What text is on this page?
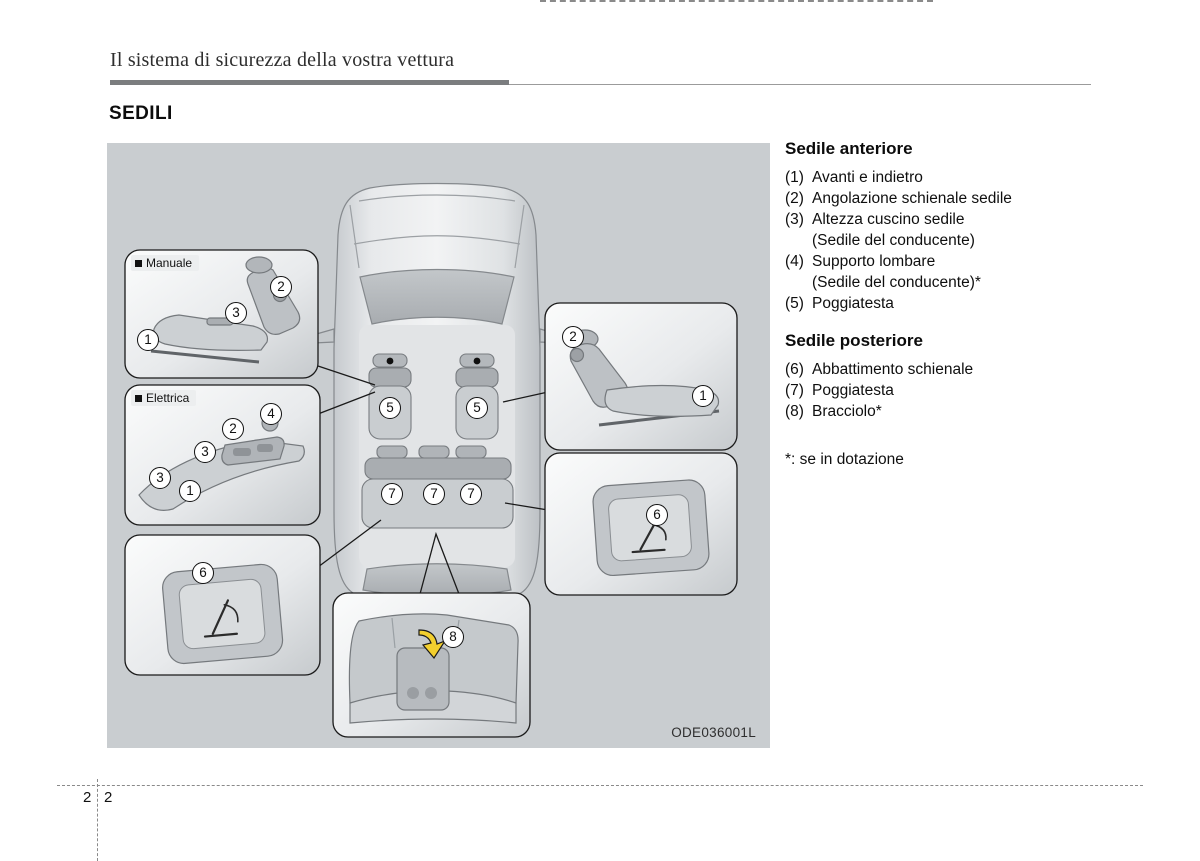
Il sistema di sicurezza della vostra vettura
SEDILI
Manuale
Elettrica
2
3
1
4
2
3
3
1
6
2
1
6
8
5	5
7	7	7
ODE036001L
Sedile anteriore
(1) Avanti e indietro
(2) Angolazione schienale sedile
(3) Altezza cuscino sedile
(Sedile del conducente)
(4) Supporto lombare
(Sedile del conducente)*
(5) Poggiatesta
Sedile posteriore
(6) Abbattimento schienale
(7) Poggiatesta
(8) Bracciolo*
*: se in dotazione
2 2
